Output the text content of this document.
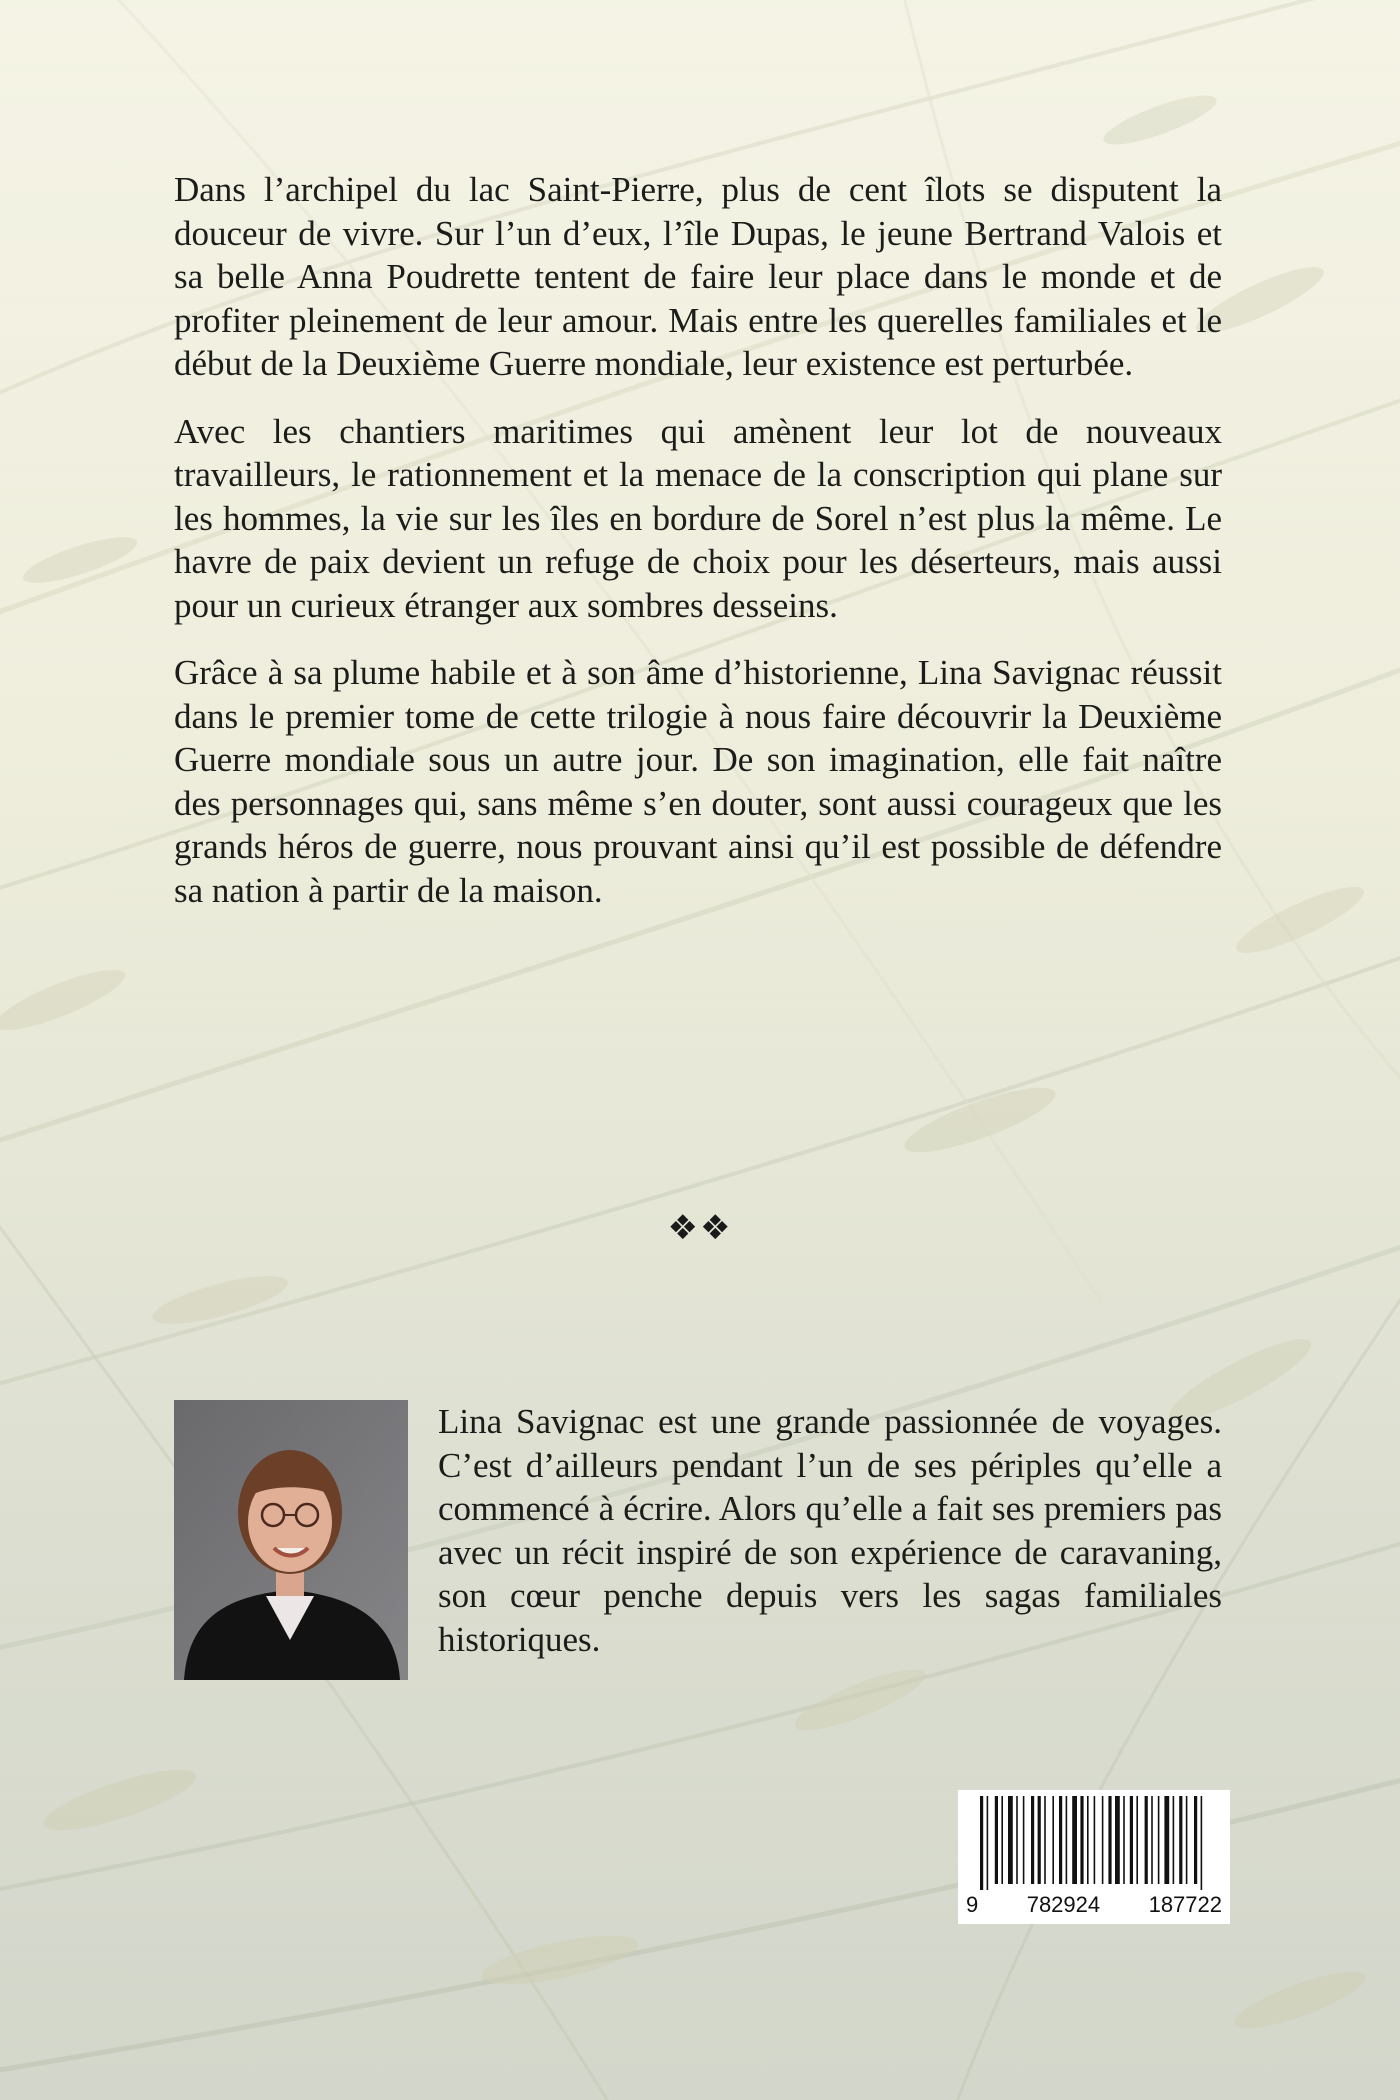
Dans l’archipel du lac Saint-Pierre, plus de cent îlots se disputent la douceur de vivre. Sur l’un d’eux, l’île Dupas, le jeune Bertrand Valois et sa belle Anna Poudrette tentent de faire leur place dans le monde et de profiter pleinement de leur amour. Mais entre les querelles familiales et le début de la Deuxième Guerre mondiale, leur existence est perturbée.

Avec les chantiers maritimes qui amènent leur lot de nouveaux travailleurs, le rationnement et la menace de la conscription qui plane sur les hommes, la vie sur les îles en bordure de Sorel n’est plus la même. Le havre de paix devient un refuge de choix pour les déserteurs, mais aussi pour un curieux étranger aux sombres desseins.

Grâce à sa plume habile et à son âme d’historienne, Lina Savignac réussit dans le premier tome de cette trilogie à nous faire découvrir la Deuxième Guerre mondiale sous un autre jour. De son imagination, elle fait naître des personnages qui, sans même s’en douter, sont aussi courageux que les grands héros de guerre, nous prouvant ainsi qu’il est possible de défendre sa nation à partir de la maison.

❖❖

Lina Savignac est une grande passionnée de voyages. C’est d’ailleurs pendant l’un de ses périples qu’elle a commencé à écrire. Alors qu’elle a fait ses premiers pas avec un récit inspiré de son expérience de caravaning, son cœur penche depuis vers les sagas familiales historiques.

9 782924 187722
